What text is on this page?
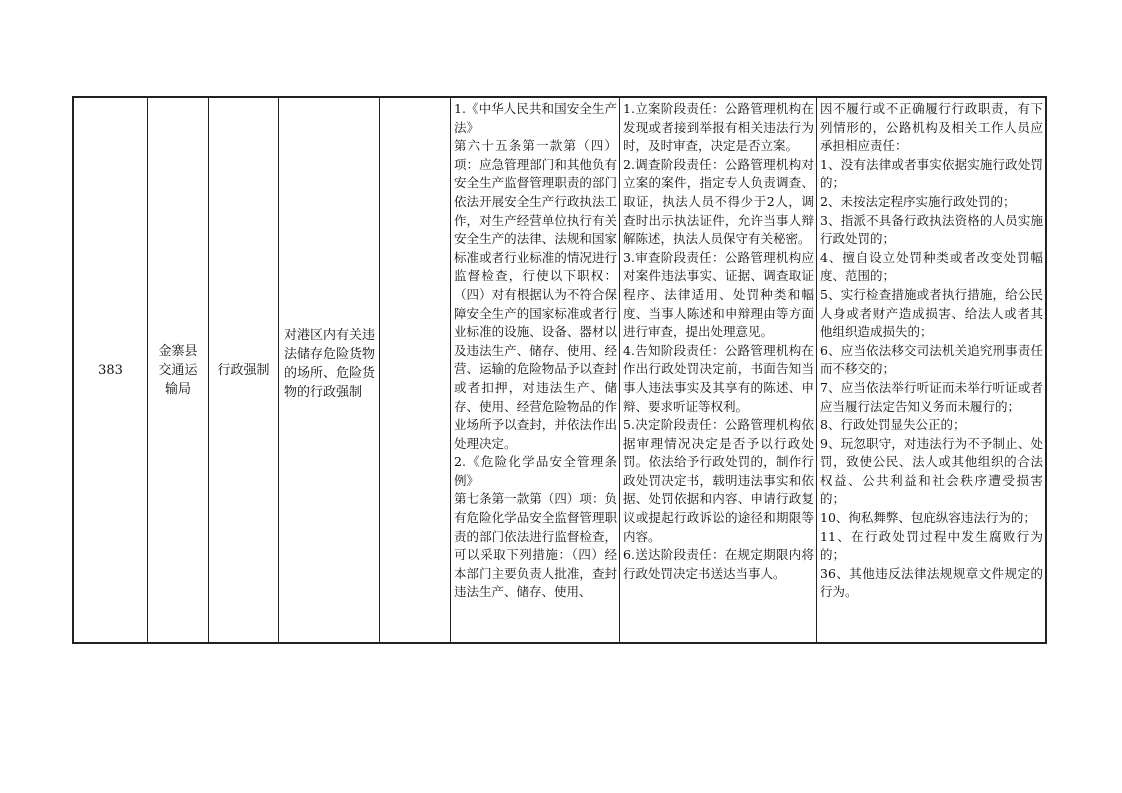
383
金寨县交通运输局
行政强制
对港区内有关违法储存危险货物的场所、危险货物的行政强制
1.《中华人民共和国安全生产法》
第六十五条第一款第（四）项：应急管理部门和其他负有安全生产监督管理职责的部门依法开展安全生产行政执法工作，对生产经营单位执行有关安全生产的法律、法规和国家标准或者行业标准的情况进行监督检查，行使以下职权：（四）对有根据认为不符合保障安全生产的国家标准或者行业标准的设施、设备、器材以及违法生产、储存、使用、经营、运输的危险物品予以查封或者扣押，对违法生产、储存、使用、经营危险物品的作业场所予以查封，并依法作出处理决定。
2.《危险化学品安全管理条例》
第七条第一款第（四）项：负有危险化学品安全监督管理职责的部门依法进行监督检查，可以采取下列措施：（四）经本部门主要负责人批准，查封违法生产、储存、使用、
1.立案阶段责任：公路管理机构在发现或者接到举报有相关违法行为时，及时审查，决定是否立案。
2.调查阶段责任：公路管理机构对立案的案件，指定专人负责调查、取证，执法人员不得少于2人，调查时出示执法证件，允许当事人辩解陈述，执法人员保守有关秘密。
3.审查阶段责任：公路管理机构应对案件违法事实、证据、调查取证程序、法律适用、处罚种类和幅度、当事人陈述和申辩理由等方面进行审查，提出处理意见。
4.告知阶段责任：公路管理机构在作出行政处罚决定前，书面告知当事人违法事实及其享有的陈述、申辩、要求听证等权利。
5.决定阶段责任：公路管理机构依据审理情况决定是否予以行政处罚。依法给予行政处罚的，制作行政处罚决定书，载明违法事实和依据、处罚依据和内容、申请行政复议或提起行政诉讼的途径和期限等内容。
6.送达阶段责任：在规定期限内将行政处罚决定书送达当事人。
因不履行或不正确履行行政职责，有下列情形的，公路机构及相关工作人员应承担相应责任：
1、没有法律或者事实依据实施行政处罚的；
2、未按法定程序实施行政处罚的；
3、指派不具备行政执法资格的人员实施行政处罚的；
4、擅自设立处罚种类或者改变处罚幅度、范围的；
5、实行检查措施或者执行措施，给公民人身或者财产造成损害、给法人或者其他组织造成损失的；
6、应当依法移交司法机关追究刑事责任而不移交的；
7、应当依法举行听证而未举行听证或者应当履行法定告知义务而未履行的；
8、行政处罚显失公正的；
9、玩忽职守，对违法行为不予制止、处罚，致使公民、法人或其他组织的合法权益、公共利益和社会秩序遭受损害的；
10、徇私舞弊、包庇纵容违法行为的；
11、在行政处罚过程中发生腐败行为的；
36、其他违反法律法规规章文件规定的行为。
